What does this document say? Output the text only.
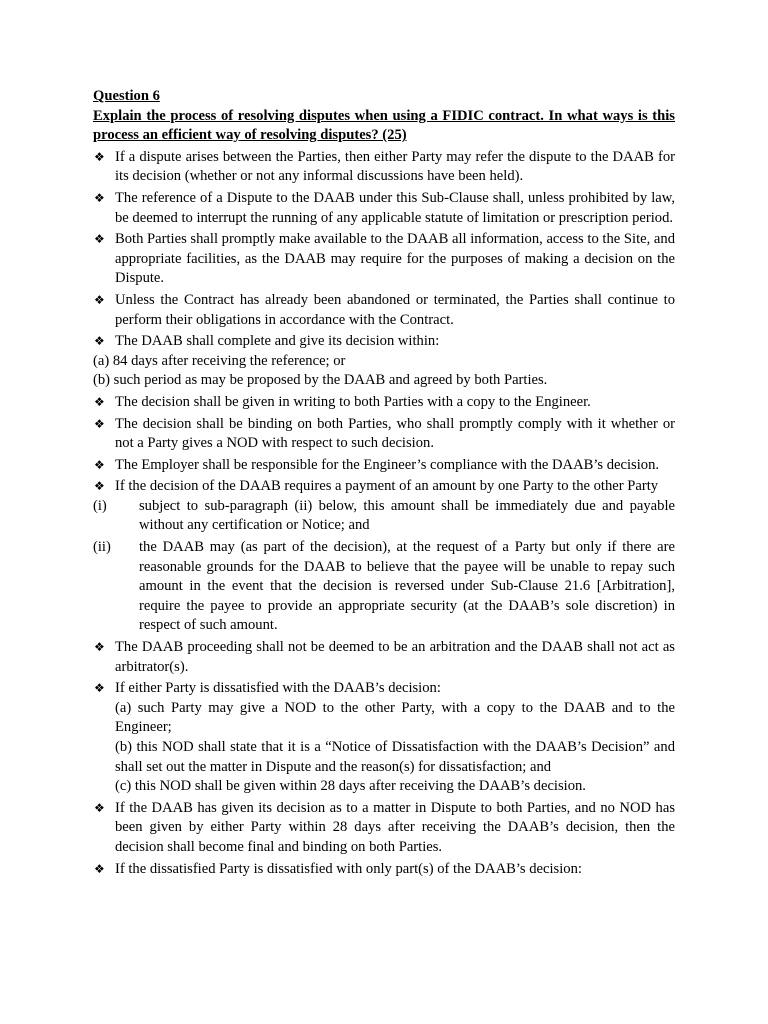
Question 6

Explain the process of resolving disputes when using a FIDIC contract. In what ways is this process an efficient way of resolving disputes? (25)

❖ If a dispute arises between the Parties, then either Party may refer the dispute to the DAAB for its decision (whether or not any informal discussions have been held).
❖ The reference of a Dispute to the DAAB under this Sub-Clause shall, unless prohibited by law, be deemed to interrupt the running of any applicable statute of limitation or prescription period.
❖ Both Parties shall promptly make available to the DAAB all information, access to the Site, and appropriate facilities, as the DAAB may require for the purposes of making a decision on the Dispute.
❖ Unless the Contract has already been abandoned or terminated, the Parties shall continue to perform their obligations in accordance with the Contract.
❖ The DAAB shall complete and give its decision within:

(a) 84 days after receiving the reference; or

(b) such period as may be proposed by the DAAB and agreed by both Parties.

❖ The decision shall be given in writing to both Parties with a copy to the Engineer.
❖ The decision shall be binding on both Parties, who shall promptly comply with it whether or not a Party gives a NOD with respect to such decision.
❖ The Employer shall be responsible for the Engineer’s compliance with the DAAB’s decision.
❖ If the decision of the DAAB requires a payment of an amount by one Party to the other Party
(i) subject to sub-paragraph (ii) below, this amount shall be immediately due and payable without any certification or Notice; and
(ii) the DAAB may (as part of the decision), at the request of a Party but only if there are reasonable grounds for the DAAB to believe that the payee will be unable to repay such amount in the event that the decision is reversed under Sub-Clause 21.6 [Arbitration], require the payee to provide an appropriate security (at the DAAB’s sole discretion) in respect of such amount.
❖ The DAAB proceeding shall not be deemed to be an arbitration and the DAAB shall not act as arbitrator(s).
❖ If either Party is dissatisfied with the DAAB’s decision:

(a) such Party may give a NOD to the other Party, with a copy to the DAAB and to the Engineer;

(b) this NOD shall state that it is a “Notice of Dissatisfaction with the DAAB’s Decision” and shall set out the matter in Dispute and the reason(s) for dissatisfaction; and

(c) this NOD shall be given within 28 days after receiving the DAAB’s decision.

❖ If the DAAB has given its decision as to a matter in Dispute to both Parties, and no NOD has been given by either Party within 28 days after receiving the DAAB’s decision, then the decision shall become final and binding on both Parties.
❖ If the dissatisfied Party is dissatisfied with only part(s) of the DAAB’s decision:
